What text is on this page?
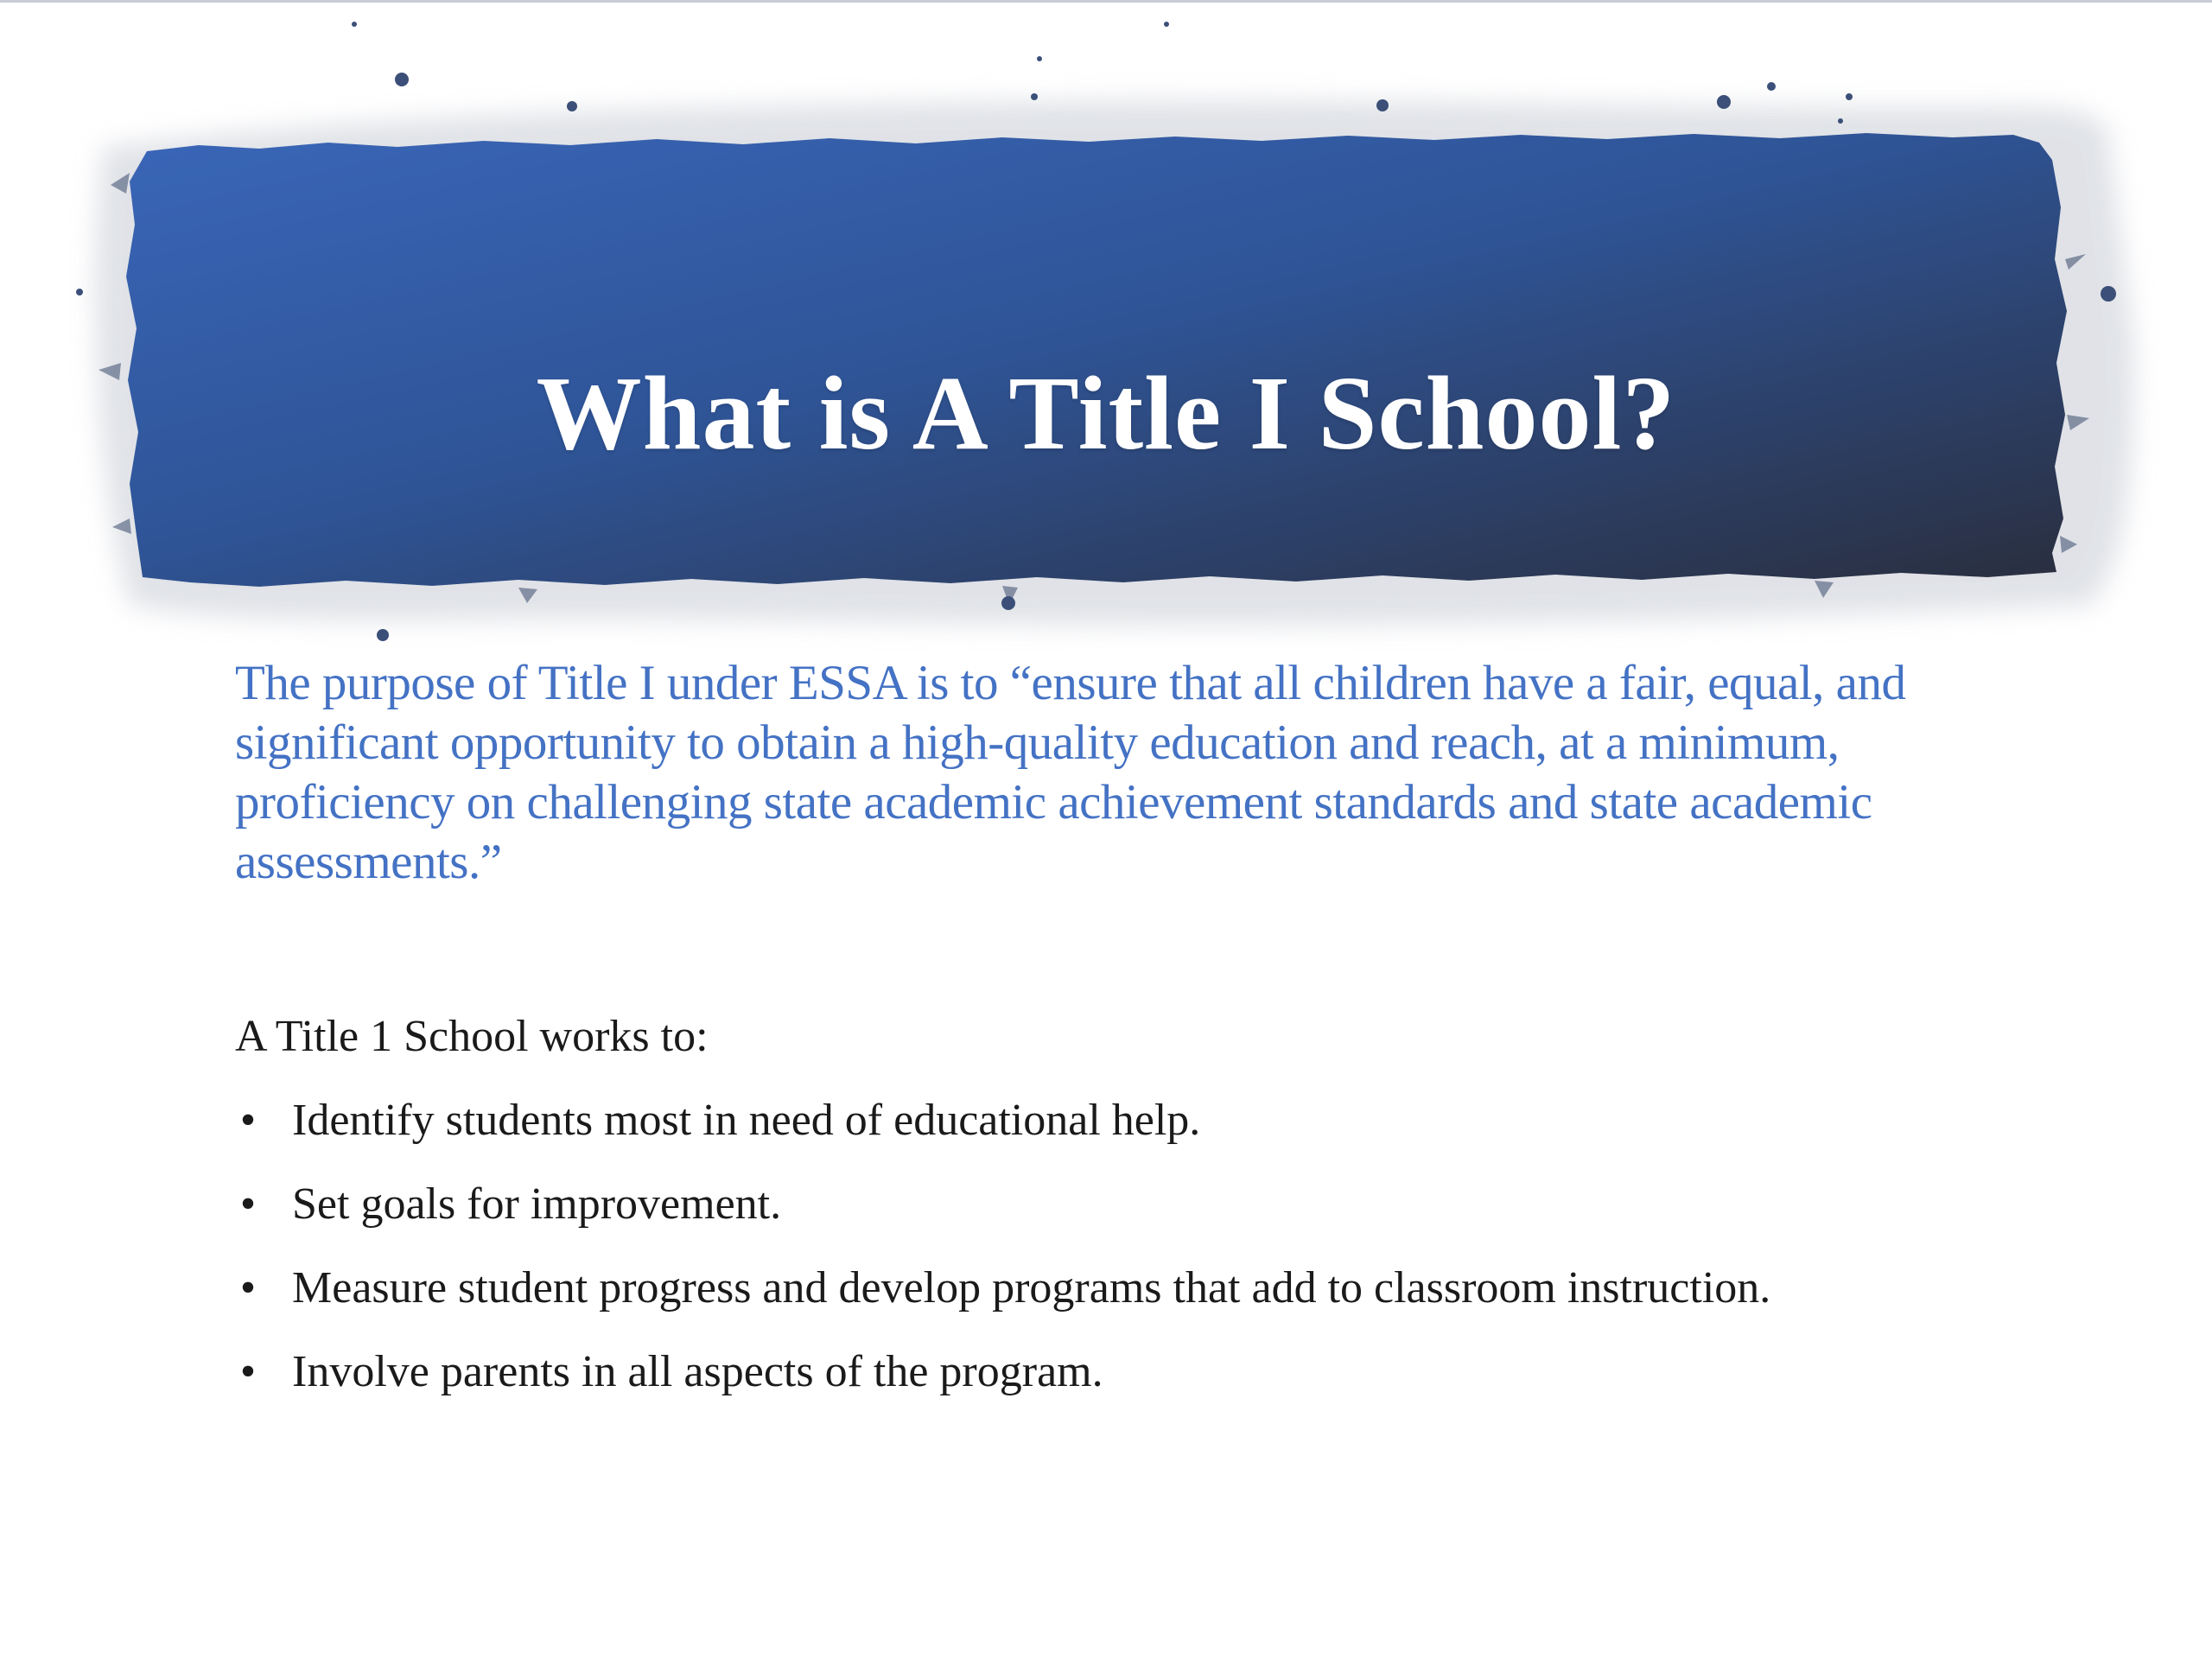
What is A Title I School?

The purpose of Title I under ESSA is to “ensure that all children have a fair, equal, and significant opportunity to obtain a high-quality education and reach, at a minimum, proficiency on challenging state academic achievement standards and state academic assessments.”

A Title 1 School works to:

• Identify students most in need of educational help.
• Set goals for improvement.
• Measure student progress and develop programs that add to classroom instruction.
• Involve parents in all aspects of the program.
